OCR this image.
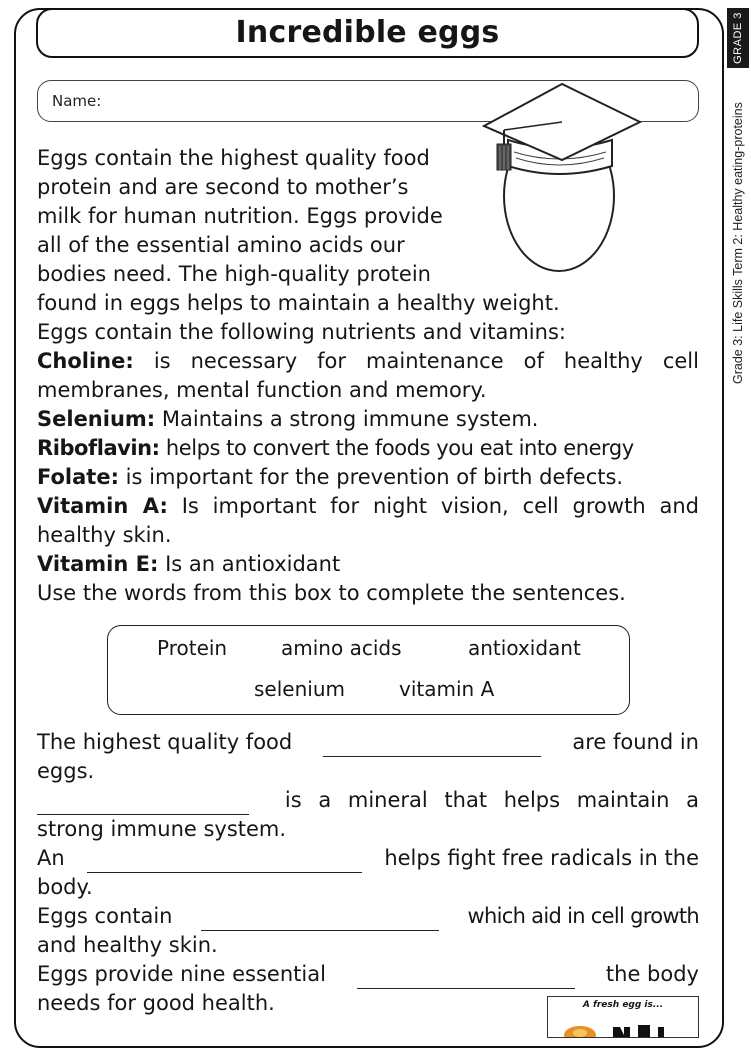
Incredible eggs	GRADE 3
Grade 3: Life Skills Term 2: Healthy eating-proteins
Name:
Eggs contain the highest quality food
protein and are second to mother’s
milk for human nutrition. Eggs provide
all of the essential amino acids our
bodies need. The high-quality protein
found in eggs helps to maintain a healthy weight.
Eggs contain the following nutrients and vitamins:
Choline: is necessary for maintenance of healthy cell
membranes, mental function and memory.
Selenium: Maintains a strong immune system.
Riboflavin: helps to convert the foods you eat into energy
Folate: is important for the prevention of birth defects.
Vitamin A: Is important for night vision, cell growth and
healthy skin.
Vitamin E: Is an antioxidant
Use the words from this box to complete the sentences.
Protein	amino acids	antioxidant
selenium	vitamin A
The highest quality food	are found in
eggs.
is a mineral that helps maintain a
strong immune system.
An	helps fight free radicals in the
body.
Eggs contain	which aid in cell growth
and healthy skin.
Eggs provide nine essential	the body
needs for good health.	A fresh egg is...
